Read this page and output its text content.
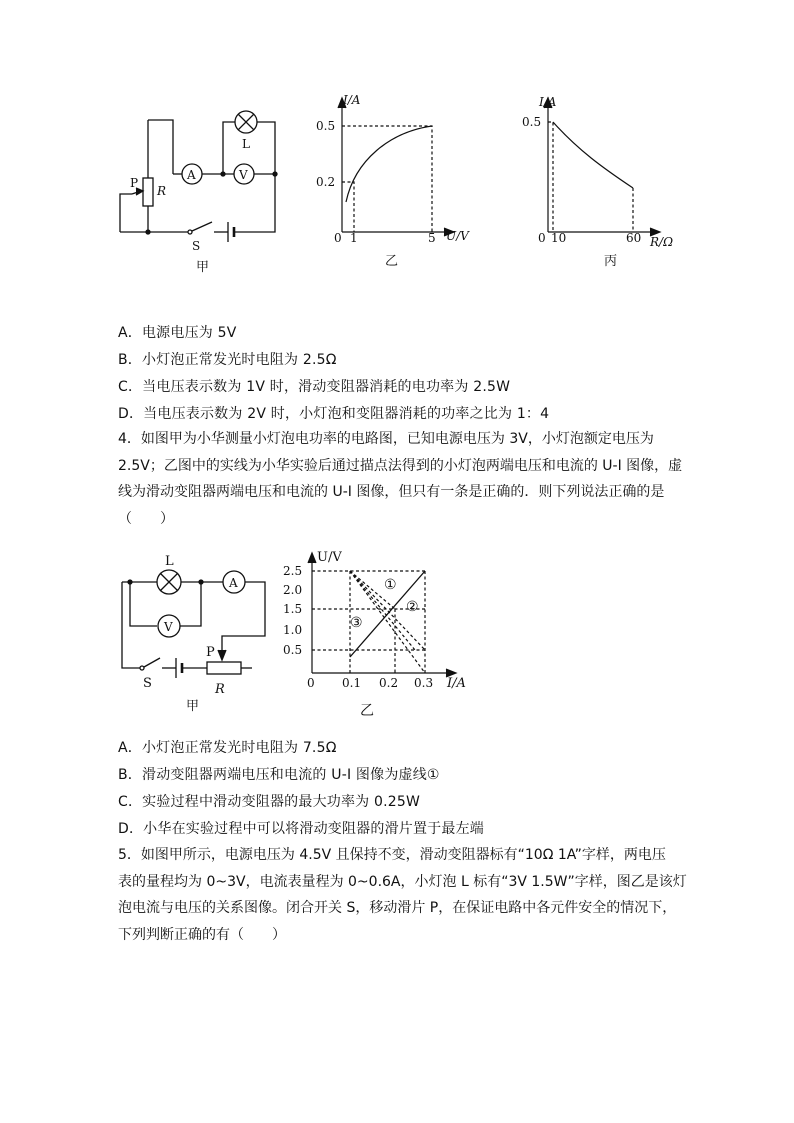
A	V
L
P
R
S
甲
I/A
U/V
0.5
0.2
0 1	5
乙
I/A
R/Ω
0.5
0 10	60
丙
A．电源电压为 5V
B．小灯泡正常发光时电阻为 2.5Ω
C．当电压表示数为 1V 时，滑动变阻器消耗的电功率为 2.5W
D．当电压表示数为 2V 时，小灯泡和变阻器消耗的功率之比为 1：4
4．如图甲为小华测量小灯泡电功率的电路图，已知电源电压为 3V，小灯泡额定电压为
2.5V；乙图中的实线为小华实验后通过描点法得到的小灯泡两端电压和电流的 U-I 图像，虚
线为滑动变阻器两端电压和电流的 U-I 图像，但只有一条是正确的．则下列说法正确的是
（　　）
L
A
V
P
R
S
甲
U/V
I/A
2.5
2.0
1.5
1.0
0.5
0 0.1 0.2 0.3
①
②
③
乙
A．小灯泡正常发光时电阻为 7.5Ω
B．滑动变阻器两端电压和电流的 U-I 图像为虚线①
C．实验过程中滑动变阻器的最大功率为 0.25W
D．小华在实验过程中可以将滑动变阻器的滑片置于最左端
5．如图甲所示，电源电压为 4.5V 且保持不变，滑动变阻器标有“10Ω 1A”字样，两电压
表的量程均为 0~3V，电流表量程为 0~0.6A，小灯泡 L 标有“3V 1.5W”字样，图乙是该灯
泡电流与电压的关系图像。闭合开关 S，移动滑片 P，在保证电路中各元件安全的情况下，
下列判断正确的有（　　）
